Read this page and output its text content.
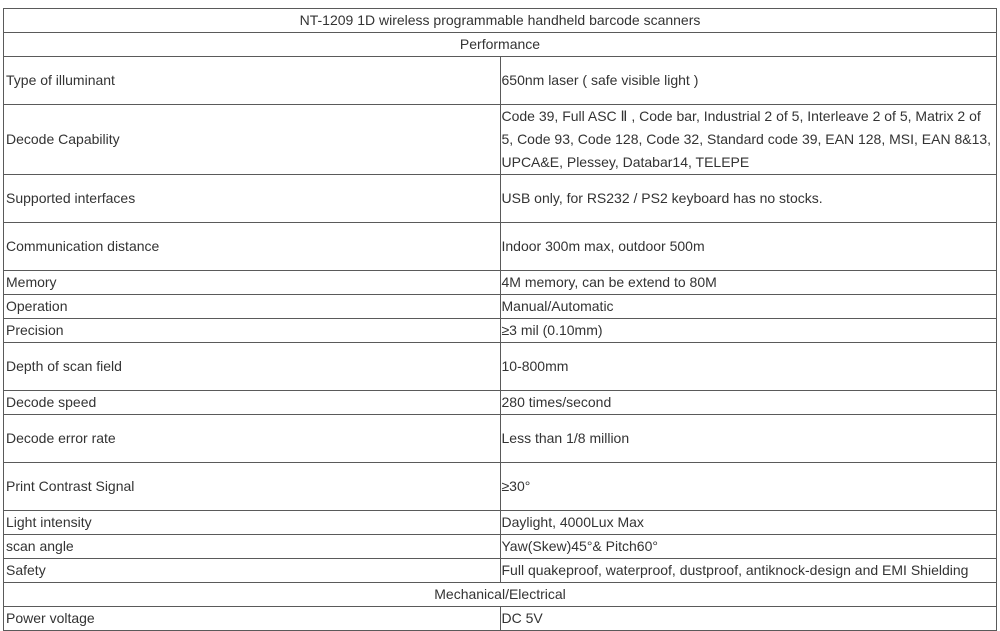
NT-1209 1D wireless programmable handheld barcode scanners	
Performance	
Type of illuminant	650nm laser ( safe visible light )
Decode Capability	Code 39, Full ASC Ⅱ , Code bar, Industrial 2 of 5, Interleave 2 of 5, Matrix 2 of 5, Code 93, Code 128, Code 32, Standard code 39, EAN 128, MSI, EAN 8&13, UPCA&E, Plessey, Databar14, TELEPE
Supported interfaces	USB only, for RS232 / PS2 keyboard has no stocks.
Communication distance	Indoor 300m max, outdoor 500m
Memory	4M memory, can be extend to 80M
Operation	Manual/Automatic
Precision	≥3 mil (0.10mm)
Depth of scan field	10-800mm
Decode speed	280 times/second
Decode error rate	Less than 1/8 million
Print Contrast Signal	≥30°
Light intensity	Daylight, 4000Lux Max
scan angle	Yaw(Skew)45°& Pitch60°
Safety	Full quakeproof, waterproof, dustproof, antiknock-design and EMI Shielding
Mechanical/Electrical	
Power voltage	DC 5V
